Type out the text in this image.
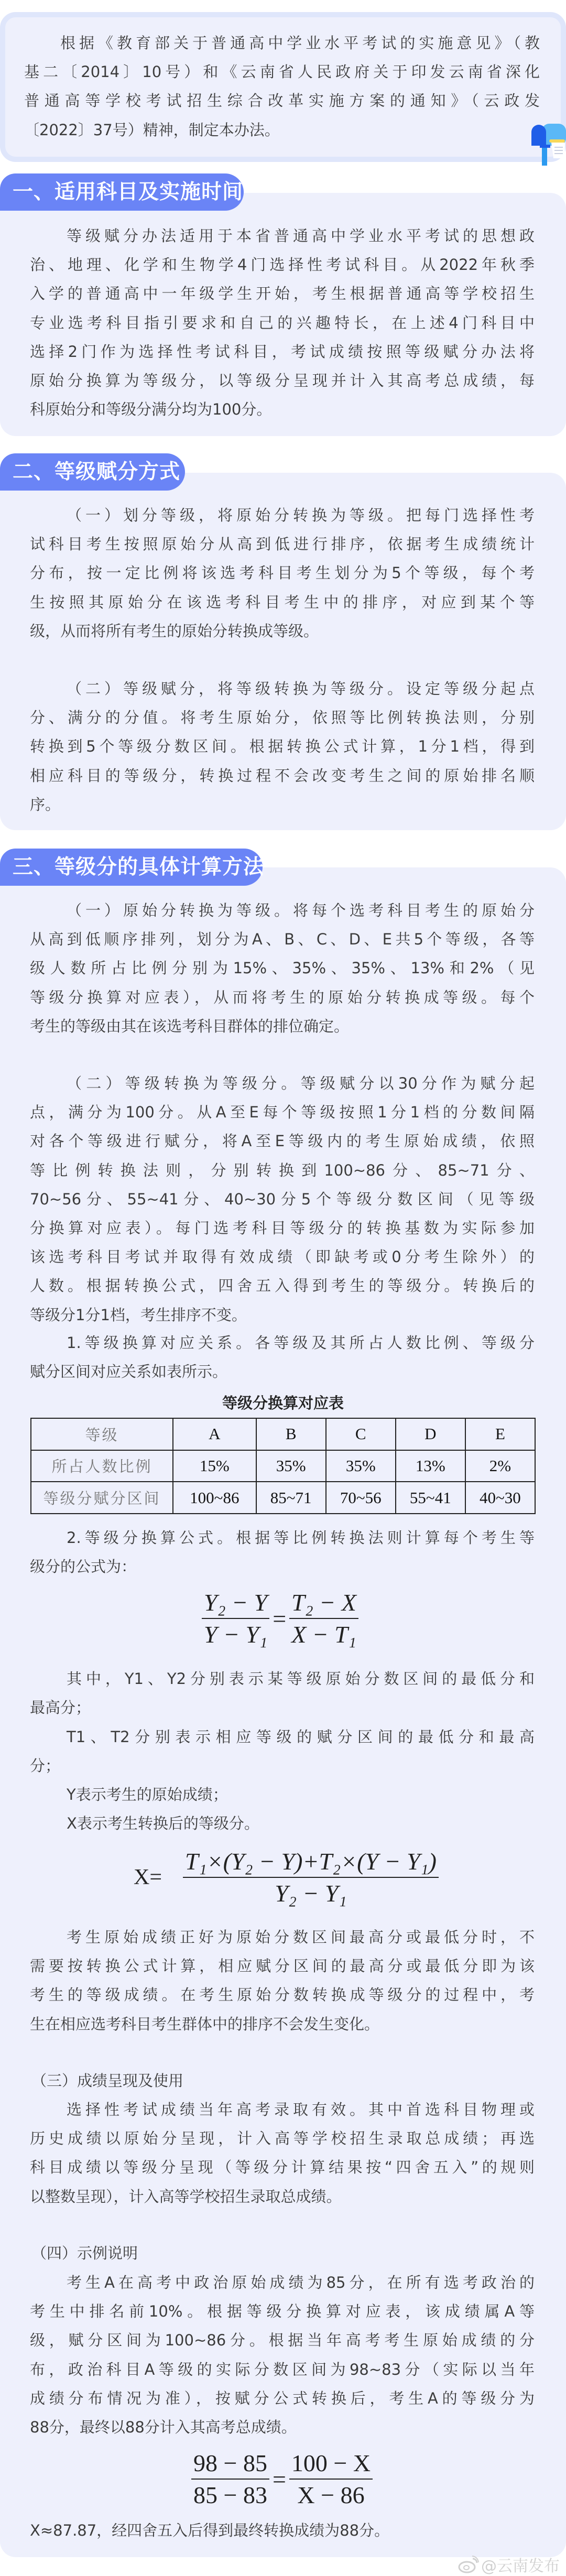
根据《教育部关于普通高中学业水平考试的实施意见》（教
基二〔2014〕10号）和《云南省人民政府关于印发云南省深化
普通高等学校考试招生综合改革实施方案的通知》（云政发
〔2022〕37号）精神，制定本办法。
一、适用科目及实施时间
等级赋分办法适用于本省普通高中学业水平考试的思想政
治、地理、化学和生物学4门选择性考试科目。从2022年秋季
入学的普通高中一年级学生开始，考生根据普通高等学校招生
专业选考科目指引要求和自己的兴趣特长，在上述4门科目中
选择2门作为选择性考试科目，考试成绩按照等级赋分办法将
原始分换算为等级分，以等级分呈现并计入其高考总成绩，每
科原始分和等级分满分均为100分。
二、等级赋分方式
（一）划分等级，将原始分转换为等级。把每门选择性考
试科目考生按照原始分从高到低进行排序，依据考生成绩统计
分布，按一定比例将该选考科目考生划分为5个等级，每个考
生按照其原始分在该选考科目考生中的排序，对应到某个等
级，从而将所有考生的原始分转换成等级。
（二）等级赋分，将等级转换为等级分。设定等级分起点
分、满分的分值。将考生原始分，依照等比例转换法则，分别
转换到5个等级分数区间。根据转换公式计算，1分1档，得到
相应科目的等级分，转换过程不会改变考生之间的原始排名顺
序。
三、等级分的具体计算方法
（一）原始分转换为等级。将每个选考科目考生的原始分
从高到低顺序排列，划分为A、B、C、D、E共5个等级，各等
级人数所占比例分别为15%、35%、35%、13%和2%（见
等级分换算对应表），从而将考生的原始分转换成等级。每个
考生的等级由其在该选考科目群体的排位确定。
（二）等级转换为等级分。等级赋分以30分作为赋分起
点，满分为100分。从A至E每个等级按照1分1档的分数间隔
对各个等级进行赋分，将A至E等级内的考生原始成绩，依照
等比例转换法则，分别转换到100~86分、85~71分、
70~56分、55~41分、40~30分5个等级分数区间（见等级
分换算对应表）。每门选考科目等级分的转换基数为实际参加
该选考科目考试并取得有效成绩（即缺考或0分考生除外）的
人数。根据转换公式，四舍五入得到考生的等级分。转换后的
等级分1分1档，考生排序不变。
1.等级换算对应关系。各等级及其所占人数比例、等级分
赋分区间对应关系如表所示。
等级分换算对应表
等级	A	B	C	D	E
所占人数比例	15%	35%	35%	13%	2%
等级分赋分区间	100~86	85~71	70~56	55~41	40~30
2.等级分换算公式。根据等比例转换法则计算每个考生等
级分的公式为：
$\frac{\text{Y₂ − Y}}{\text{Y − Y₁}} = \frac{\text{T₂ − X}}{\text{X − T₁}}$
其中，Y1、Y2分别表示某等级原始分数区间的最低分和
最高分；
T1、T2分别表示相应等级的赋分区间的最低分和最高
分；
Y表示考生的原始成绩；
X表示考生转换后的等级分。
$X= \frac{\text{T₁×(Y₂ − Y)+T₂×(Y − Y₁)}}{\text{Y₂ − Y₁}}$
考生原始成绩正好为原始分数区间最高分或最低分时，不
需要按转换公式计算，相应赋分区间的最高分或最低分即为该
考生的等级成绩。在考生原始分数转换成等级分的过程中，考
生在相应选考科目考生群体中的排序不会发生变化。
（三）成绩呈现及使用
选择性考试成绩当年高考录取有效。其中首选科目物理或
历史成绩以原始分呈现，计入高等学校招生录取总成绩；再选
科目成绩以等级分呈现（等级分计算结果按“四舍五入”的规则
以整数呈现），计入高等学校招生录取总成绩。
（四）示例说明
考生A在高考中政治原始成绩为85分，在所有选考政治的
考生中排名前10%。根据等级分换算对应表，该成绩属A等
级，赋分区间为100~86分。根据当年高考考生原始成绩的分
布，政治科目A等级的实际分数区间为98~83分（实际以当年
成绩分布情况为准），按赋分公式转换后，考生A的等级分为
88分，最终以88分计入其高考总成绩。
$\frac{98 - 85}{85 - 83} = \frac{100 - X}{X - 86}$
X≈87.87，经四舍五入后得到最终转换成绩为88分。
@云南发布
